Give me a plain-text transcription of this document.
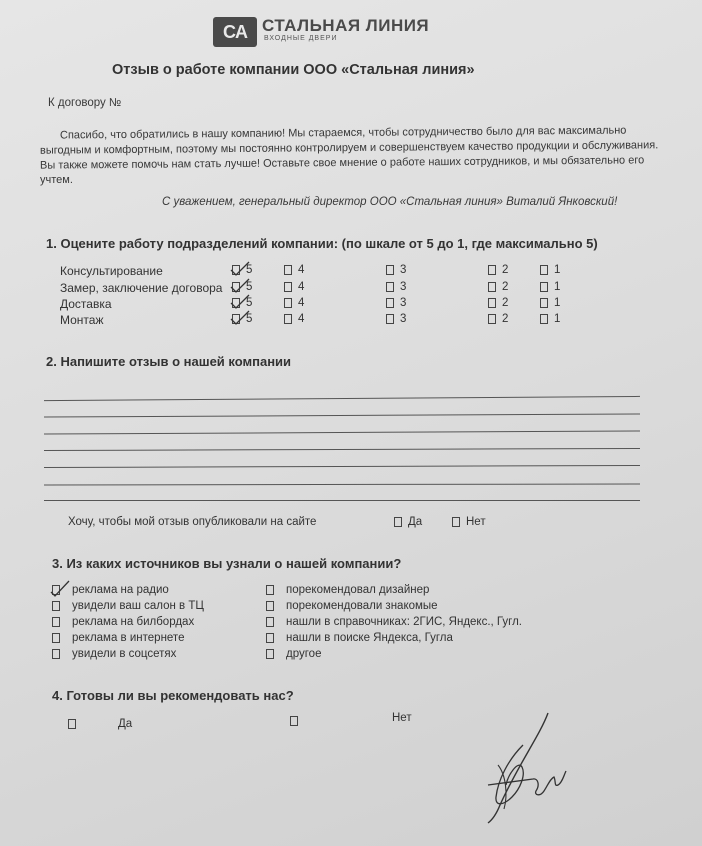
CA СТАЛЬНАЯ ЛИНИЯ
ВХОДНЫЕ ДВЕРИ
Отзыв о работе компании ООО «Стальная линия»
К договору №
Спасибо, что обратились в нашу компанию! Мы стараемся, чтобы сотрудничество было для вас максимально
выгодным и комфортным, поэтому мы постоянно контролируем и совершенствуем качество продукции и обслуживания.
Вы также можете помочь нам стать лучше! Оставьте свое мнение о работе наших сотрудников, и мы обязательно его
учтем.
С уважением, генеральный директор ООО «Стальная линия» Виталий Янковский!
1. Оцените работу подразделений компании: (по шкале от 5 до 1, где максимально 5)
Консультирование	5	4	3	2	1
Замер, заключение договора	5	4	3	2	1
Доставка	5	4	3	2	1
Монтаж	5	4	3	2	1
2. Напишите отзыв о нашей компании
Хочу, чтобы мой отзыв опубликовали на сайте	Да	Нет
3. Из каких источников вы узнали о нашей компании?
реклама на радио
увидели ваш салон в ТЦ
реклама на билбордах
реклама в интернете
увидели в соцсетях
порекомендовал дизайнер
порекомендовали знакомые
нашли в справочниках: 2ГИС, Яндекс., Гугл.
нашли в поиске Яндекса, Гугла
другое
4. Готовы ли вы рекомендовать нас?
Да	Нет
